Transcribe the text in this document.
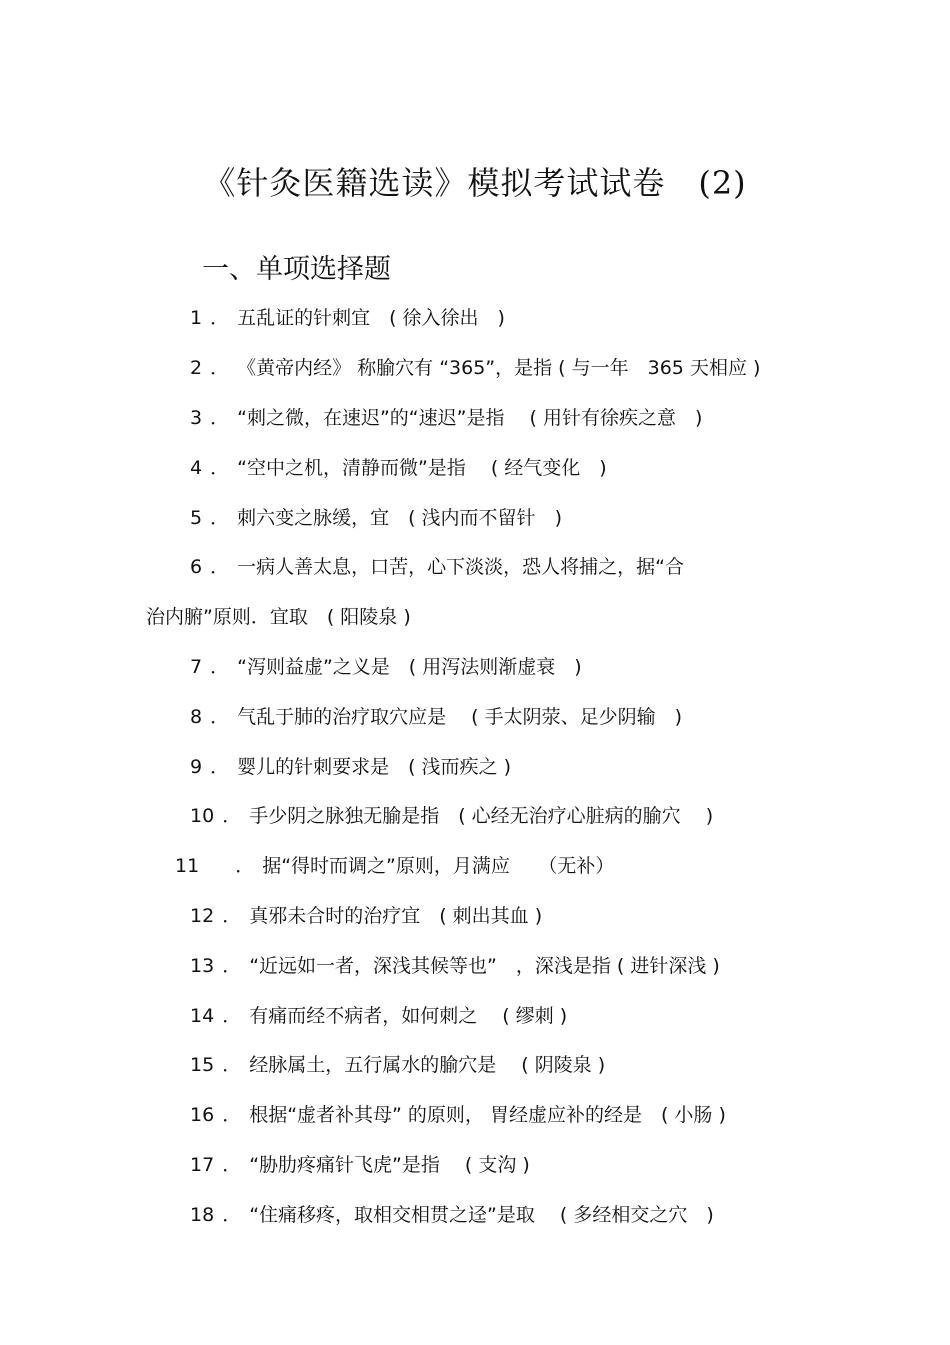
《针灸医籍选读》模拟考试试卷　(2)
一、单项选择题
1 ． 五乱证的针刺宜　( 徐入徐出　)
2 ． 《黄帝内经》 称腧穴有 “365”，是指 ( 与一年　365 天相应 )
3 ． “刺之微，在速迟”的“速迟”是指　 ( 用针有徐疾之意　)
4 ． “空中之机，清静而微”是指　 ( 经气变化　)
5 ． 刺六变之脉缓，宜　( 浅内而不留针　)
6 ． 一病人善太息，口苦，心下淡淡，恐人将捕之，据“合
治内腑”原则．宜取　( 阳陵泉 )
7 ． “泻则益虚”之义是　( 用泻法则渐虚衰　)
8 ． 气乱于肺的治疗取穴应是　 ( 手太阴荥、足少阴输　)
9 ． 婴儿的针刺要求是　( 浅而疾之 )
10 ． 手少阴之脉独无腧是指　( 心经无治疗心脏病的腧穴　 )
11 ． 据“得时而调之”原则，月满应　　（无补）
12 ． 真邪未合时的治疗宜　( 刺出其血 )
13 ． “近远如一者，深浅其候等也”　，深浅是指 ( 进针深浅 )
14 ． 有痛而经不病者，如何刺之　 ( 缪刺 )
15 ． 经脉属土，五行属水的腧穴是　 ( 阴陵泉 )
16 ． 根据“虚者补其母” 的原则， 胃经虚应补的经是　( 小肠 )
17 ． “胁肋疼痛针飞虎”是指　 ( 支沟 )
18 ． “住痛移疼，取相交相贯之迳”是取　 ( 多经相交之穴　)
